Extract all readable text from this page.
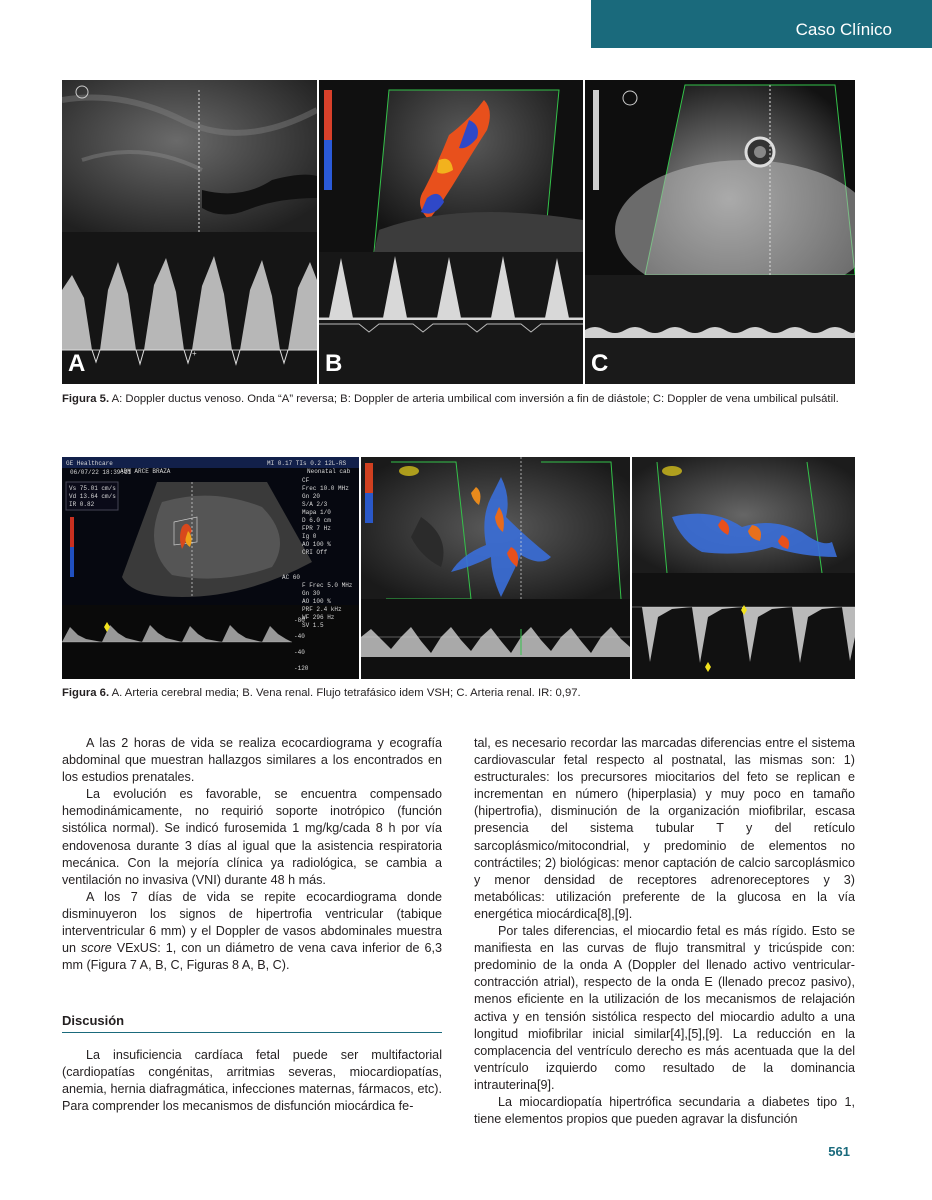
Caso Clínico
+
A	B	C
Figura 5. A: Doppler ductus venoso. Onda “A” reversa; B: Doppler de arteria umbilical com inversión a fin de diástole; C: Doppler de vena umbilical pulsátil.
GE Healthcare
ADM ARCE BRAZA
MI 0.17 TIs 0.2 12L-RS
Neonatal cab
06/07/22 18:39:11
Vs 75.01 cm/s
Vd 13.64 cm/s
IR 0.82
CF
Frec 10.0 MHz
Gn 20
S/A 2/3
Mapa 1/0
D 6.0 cm
FPR 7 Hz
Ig 0
AO 100 %
CRI Off
AC 60
F Frec 5.0 MHz
Gn 30
AO 100 %
PRF 2.4 kHz
WF 296 Hz
SV 1.5
-80
-40
-40
-120
Figura 6. A. Arteria cerebral media; B. Vena renal. Flujo tetrafásico idem VSH; C. Arteria renal. IR: 0,97.

A las 2 horas de vida se realiza ecocardiograma y ecografía abdominal que muestran hallazgos similares a los encontrados en los estudios prenatales.

La evolución es favorable, se encuentra compensado hemodinámicamente, no requirió soporte inotrópico (función sistólica normal). Se indicó furosemida 1 mg/kg/cada 8 h por vía endovenosa durante 3 días al igual que la asistencia respiratoria mecánica. Con la mejoría clínica ya radiológica, se cambia a ventilación no invasiva (VNI) durante 48 h más.

A los 7 días de vida se repite ecocardiograma donde disminuyeron los signos de hipertrofia ventricular (tabique interventricular 6 mm) y el Doppler de vasos abdominales muestra un score VExUS: 1, con un diámetro de vena cava inferior de 6,3 mm (Figura 7 A, B, C, Figuras 8 A, B, C).

Discusión

La insuficiencia cardíaca fetal puede ser multifactorial (cardiopatías congénitas, arritmias severas, miocardiopatías, anemia, hernia diafragmática, infecciones maternas, fármacos, etc). Para comprender los mecanismos de disfunción miocárdica fe-

tal, es necesario recordar las marcadas diferencias entre el sistema cardiovascular fetal respecto al postnatal, las mismas son: 1) estructurales: los precursores miocitarios del feto se replican e incrementan en número (hiperplasia) y muy poco en tamaño (hipertrofia), disminución de la organización miofibrilar, escasa presencia del sistema tubular T y del retículo sarcoplásmico/mitocondrial, y predominio de elementos no contráctiles; 2) biológicas: menor captación de calcio sarcoplásmico y menor densidad de receptores adrenoreceptores y 3) metabólicas: utilización preferente de la glucosa en la vía energética miocárdica[8],[9].

Por tales diferencias, el miocardio fetal es más rígido. Esto se manifiesta en las curvas de flujo transmitral y tricúspide con: predominio de la onda A (Doppler del llenado activo ventricular-contracción atrial), respecto de la onda E (llenado precoz pasivo), menos eficiente en la utilización de los mecanismos de relajación activa y en tensión sistólica respecto del miocardio adulto a una longitud miofibrilar inicial similar[4],[5],[9]. La reducción en la complacencia del ventrículo derecho es más acentuada que la del ventrículo izquierdo como resultado de la dominancia intrauterina[9].

La miocardiopatía hipertrófica secundaria a diabetes tipo 1, tiene elementos propios que pueden agravar la disfunción

561
